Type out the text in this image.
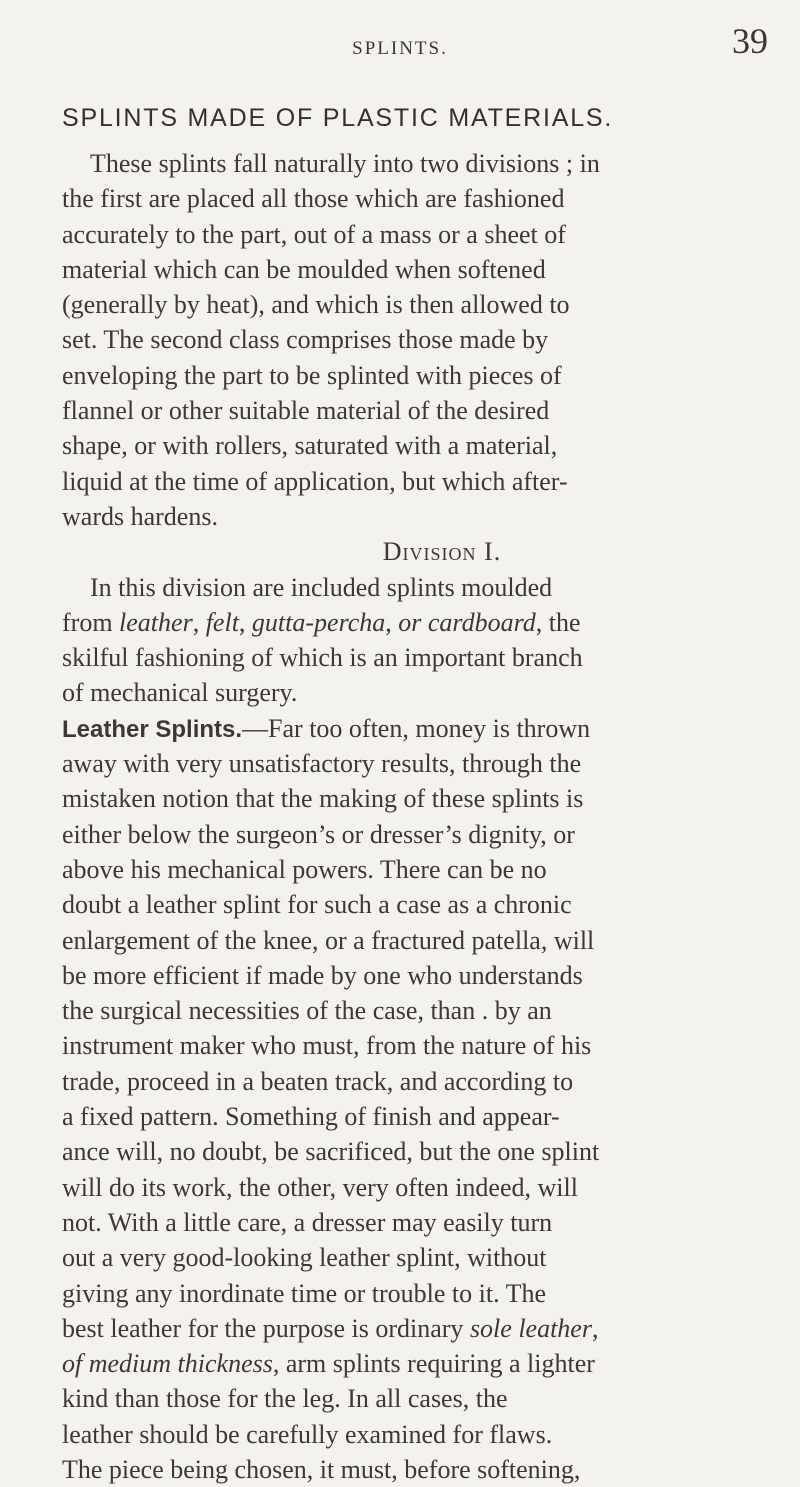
SPLINTS.	39
SPLINTS MADE OF PLASTIC MATERIALS.
These splints fall naturally into two divisions ; in
the first are placed all those which are fashioned
accurately to the part, out of a mass or a sheet of
material which can be moulded when softened
(generally by heat), and which is then allowed to
set. The second class comprises those made by
enveloping the part to be splinted with pieces of
flannel or other suitable material of the desired
shape, or with rollers, saturated with a material,
liquid at the time of application, but which after-
wards hardens.
Division I.
In this division are included splints moulded
from leather, felt, gutta-percha, or cardboard, the
skilful fashioning of which is an important branch
of mechanical surgery.
Leather Splints.—Far too often, money is thrown
away with very unsatisfactory results, through the
mistaken notion that the making of these splints is
either below the surgeon’s or dresser’s dignity, or
above his mechanical powers. There can be no
doubt a leather splint for such a case as a chronic
enlargement of the knee, or a fractured patella, will
be more efficient if made by one who understands
the surgical necessities of the case, than . by an
instrument maker who must, from the nature of his
trade, proceed in a beaten track, and according to
a fixed pattern. Something of finish and appear-
ance will, no doubt, be sacrificed, but the one splint
will do its work, the other, very often indeed, will
not. With a little care, a dresser may easily turn
out a very good-looking leather splint, without
giving any inordinate time or trouble to it. The
best leather for the purpose is ordinary sole leather,
of medium thickness, arm splints requiring a lighter
kind than those for the leg. In all cases, the
leather should be carefully examined for flaws.
The piece being chosen, it must, before softening,
